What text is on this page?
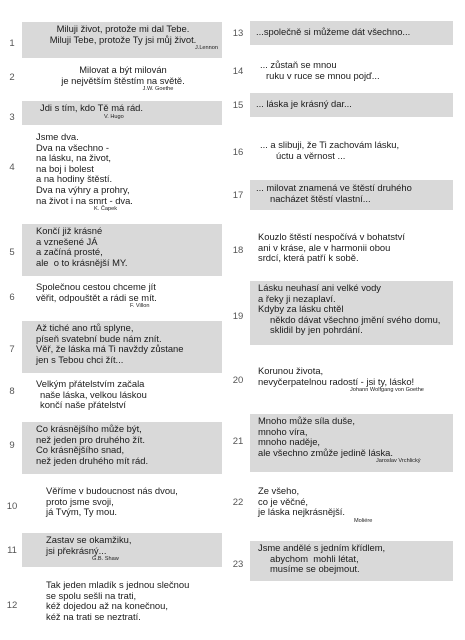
1
Miluji život, protože mi dal Tebe.
Miluji Tebe, protože Ty jsi můj život.
J.Lennon
2
Milovat a být milován
je největším štěstím na světě.
J.W. Goethe
3
Jdi s tím, kdo Tě má rád.
V. Hugo
4
Jsme dva.
Dva na všechno -
na lásku, na život,
na boj i bolest
a na hodiny štěstí.
Dva na výhry a prohry,
na život i na smrt - dva.
K. Čapek
5
Končí již krásné
a vznešené JÁ
a začíná prosté,
ale  o to krásnější MY.
6
Společnou cestou chceme jít
věřit, odpouštět a rádi se mít.
F. Villon
7
Až tiché ano rtů splyne,
píseň svatební bude nám znít.
Věř, že láska má Ti navždy zůstane
jen s Tebou chci žít...
8
Velkým přátelstvím začala
naše láska, velkou láskou
končí naše přátelství
9
Co krásnějšího může být,
než jeden pro druhého žít.
Co krásnějšího snad,
než jeden druhého mít rád.
10
Věříme v budoucnost nás dvou,
proto jsme svoji,
já Tvým, Ty mou.
11
Zastav se okamžiku,
jsi překrásný...
G.B. Shaw
12
Tak jeden mladík s jednou slečnou
se spolu sešli na trati,
kéž dojedou až na konečnou,
kéž na trati se neztratí.
13	...společně si můžeme dát všechno...
14
... zůstaň se mnou
ruku v ruce se mnou pojď...
15	... láska je krásný dar...
16
... a slibuji, že Ti zachovám lásku,
úctu a věrnost ...
17
... milovat znamená ve štěstí druhého
nacházet štěstí vlastní...
18
Kouzlo štěstí nespočívá v bohatství
ani v kráse, ale v harmonii obou
srdcí, která patří k sobě.
19
Lásku neuhasí ani velké vody
a řeky ji nezaplaví.
Kdyby za lásku chtěl
někdo dávat všechno jmění svého domu,
sklidil by jen pohrdání.
20
Korunou života,
nevyčerpatelnou radostí - jsi ty, lásko!
Johann Wolfgang von Goethe
21
Mnoho může síla duše,
mnoho víra,
mnoho naděje,
ale všechno zmůže jedině láska.
Jaroslav Vrchlický
22
Ze všeho,
co je věčné,
je láska nejkrásnější.
Moliére
23
Jsme andělé s jedním křídlem,
abychom  mohli létat,
musíme se obejmout.
